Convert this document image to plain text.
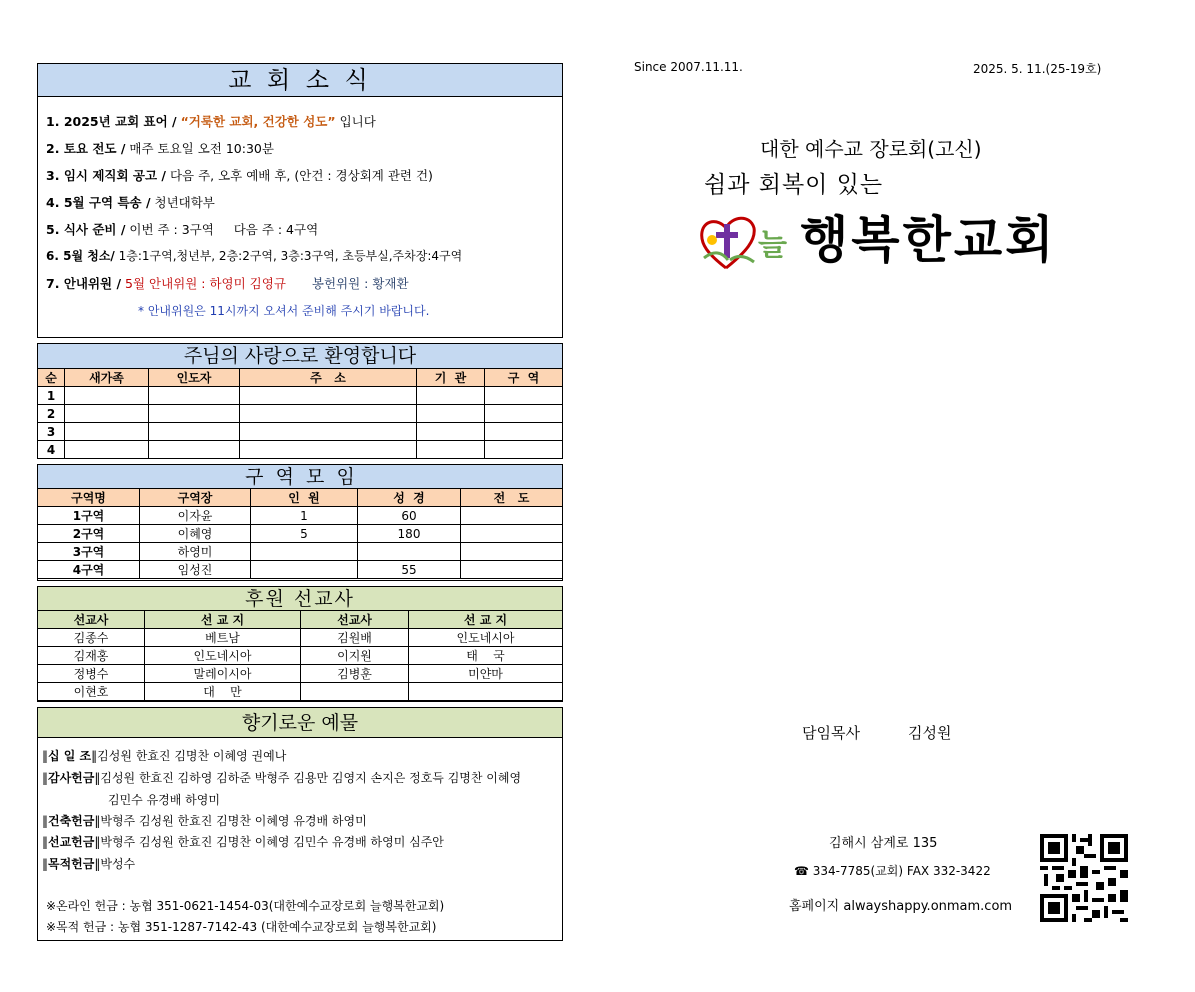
교 회 소 식
1. 2025년 교회 표어 / “거룩한 교회, 건강한 성도” 입니다
2. 토요 전도 / 매주 토요일 오전 10:30분
3. 임시 제직회 공고 / 다음 주, 오후 예배 후, (안건 : 경상회계 관련 건)
4. 5월 구역 특송 / 청년대학부
5. 식사 준비 / 이번 주 : 3구역     다음 주 : 4구역
6. 5월 청소/ 1층:1구역,청년부, 2층:2구역, 3층:3구역, 초등부실,주차장:4구역
7. 안내위원 / 5월 안내위원 : 하영미 김영규 봉헌위원 : 황재환
* 안내위원은 11시까지 오셔서 준비해 주시기 바랍니다.
주님의 사랑으로 환영합니다
순	새가족	인도자	주   소	기  관	구  역
1					
2					
3					
4					
구  역  모  임
구역명	구역장	인  원	성  경	전   도
1구역	이자윤	1	60	
2구역	이혜영	5	180	
3구역	하영미			
4구역	임성진		55	
후원 선교사
선교사	선 교 지	선교사	선 교 지
김종수	베트남	김원배	인도네시아
김재홍	인도네시아	이지원	태    국
정병수	말레이시아	김병훈	미얀마
이현호	대    만		
향기로운 예물
‖십 일 조‖김성원 한효진 김명찬 이혜영 권예나
‖감사헌금‖김성원 한효진 김하영 김하준 박형주 김용만 김영지 손지은 정호득 김명찬 이혜영
김민수 유경배 하영미
‖건축헌금‖박형주 김성원 한효진 김명찬 이혜영 유경배 하영미
‖선교헌금‖박형주 김성원 한효진 김명찬 이혜영 김민수 유경배 하영미 심주안
‖목적헌금‖박성수
※온라인 헌금 : 농협 351-0621-1454-03(대한예수교장로회 늘행복한교회)
※목적 헌금 : 농협 351-1287-7142-43 (대한예수교장로회 늘행복한교회)
Since 2007.11.11.	2025. 5. 11.(25-19호)
대한 예수교 장로회(고신)
쉼과 회복이 있는
늘 행복한교회
담임목사	김성원
김해시 삼계로 135
☎ 334-7785(교회) FAX 332-3422
홈페이지 alwayshappy.onmam.com
